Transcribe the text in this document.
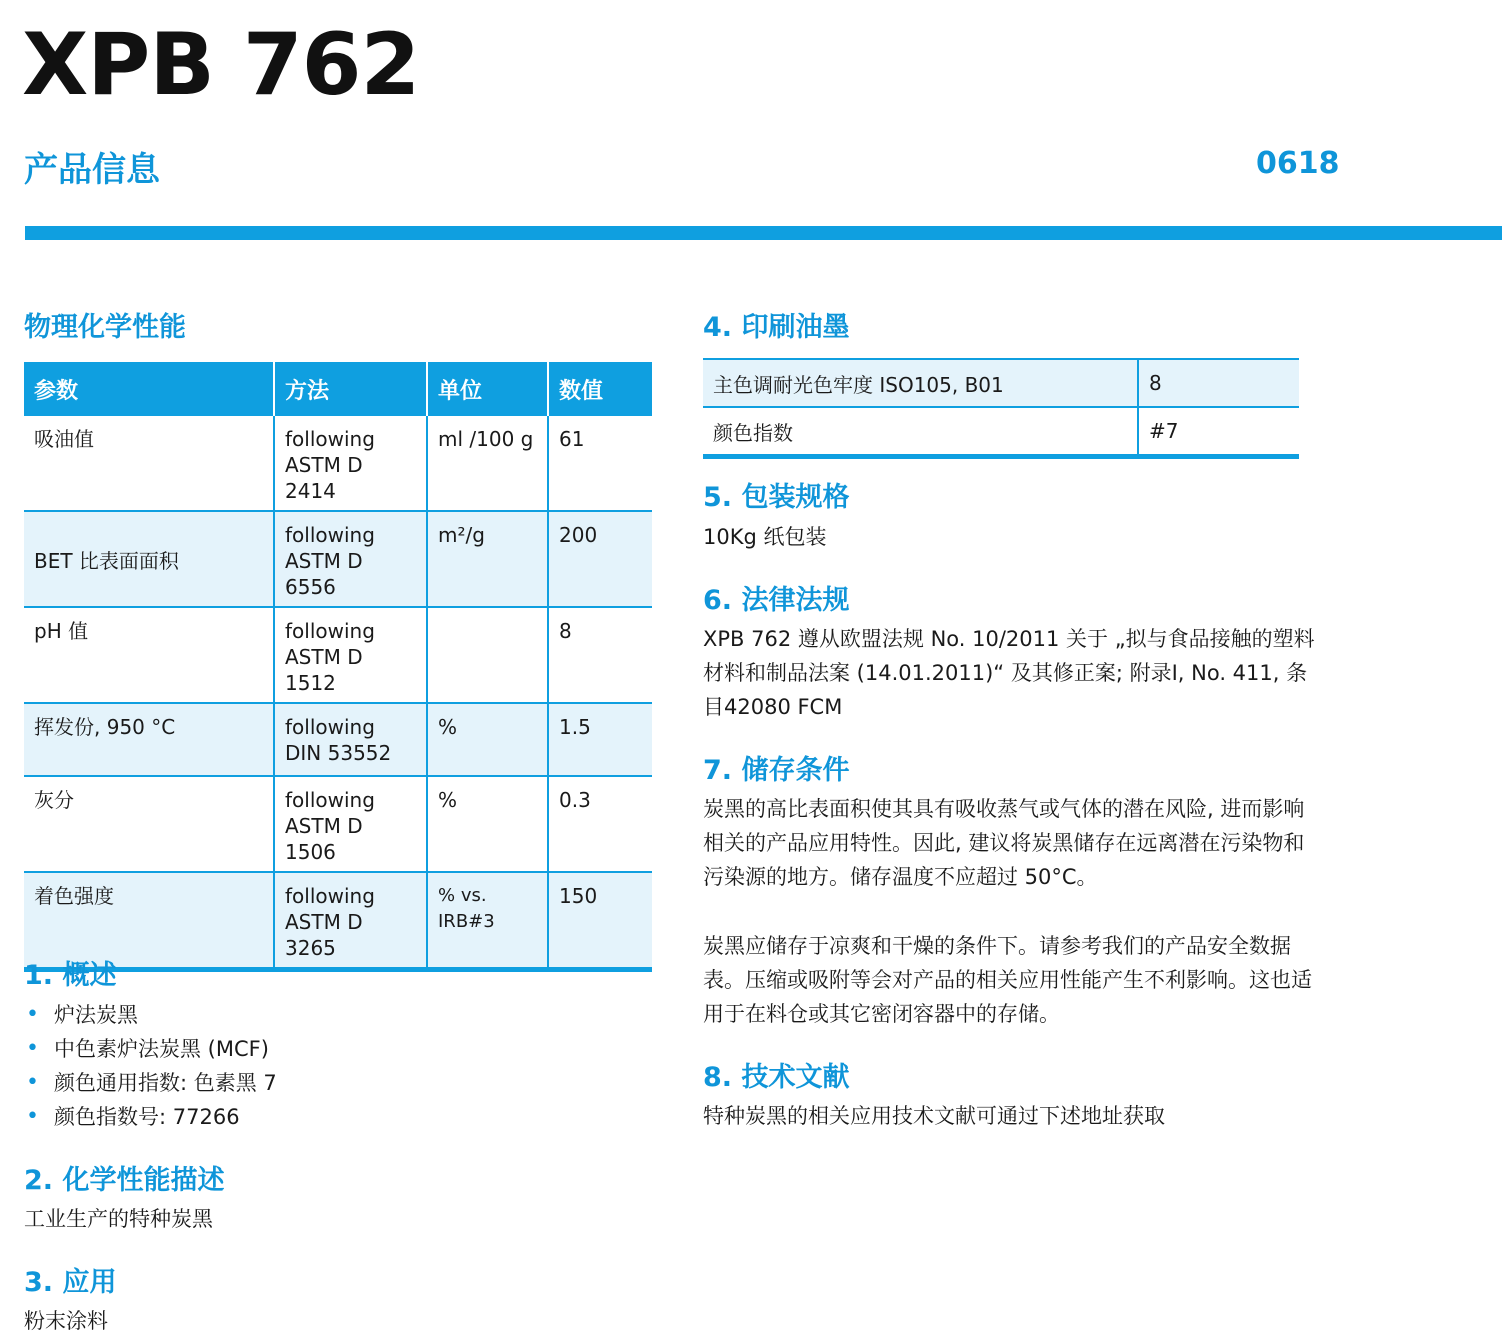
XPB 762
产品信息	0618
物理化学性能
参数	方法	单位	数值
吸油值	following ASTM D 2414	ml /100 g	61
BET 比表面面积	following ASTM D 6556	m²/g	200
pH 值	following ASTM D 1512		8
挥发份, 950 °C	following DIN 53552	%	1.5
灰分	following ASTM D 1506	%	0.3
着色强度	following ASTM D 3265	% vs. IRB#3	150
1. 概述
• 炉法炭黑
• 中色素炉法炭黑 (MCF)
• 颜色通用指数: 色素黑 7
• 颜色指数号: 77266
2. 化学性能描述
工业生产的特种炭黑
3. 应用
粉末涂料
4. 印刷油墨
主色调耐光色牢度 ISO105, B01	8
颜色指数	#7
5. 包装规格
10Kg 纸包装
6. 法律法规
XPB 762 遵从欧盟法规 No. 10/2011 关于 „拟与食品接触的塑料材料和制品法案 (14.01.2011)“ 及其修正案; 附录I, No. 411, 条目42080 FCM
7. 储存条件
炭黑的高比表面积使其具有吸收蒸气或气体的潜在风险, 进而影响相关的产品应用特性。因此, 建议将炭黑储存在远离潜在污染物和污染源的地方。储存温度不应超过 50°C。
炭黑应储存于凉爽和干燥的条件下。请参考我们的产品安全数据表。压缩或吸附等会对产品的相关应用性能产生不利影响。这也适用于在料仓或其它密闭容器中的存储。
8. 技术文献
特种炭黑的相关应用技术文献可通过下述地址获取
